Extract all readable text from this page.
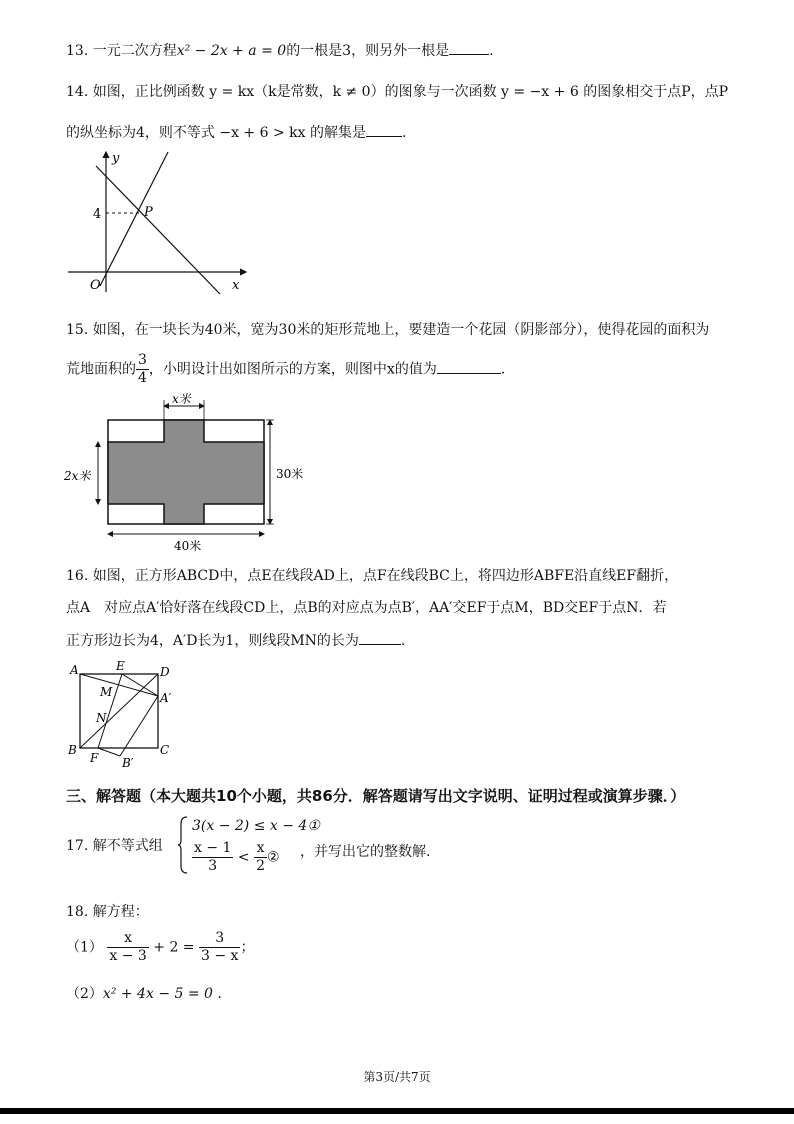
13. 一元二次方程x² − 2x + a = 0的一根是3，则另外一根是	.
14. 如图，正比例函数 y = kx（k是常数，k ≠ 0）的图象与一次函数 y = −x + 6 的图象相交于点P，点P
的纵坐标为4，则不等式 −x + 6 > kx 的解集是	.
y
x
O
4	P
15. 如图，在一块长为40米，宽为30米的矩形荒地上，要建造一个花园（阴影部分），使得花园的面积为
荒地面积的 $\frac{3}{4}$ ，小明设计出如图所示的方案，则图中x的值为	.
x米
2x米	30米
40米
16. 如图，正方形ABCD中，点E在线段AD上，点F在线段BC上，将四边形ABFE沿直线EF翻折，
点A　对应点A′恰好落在线段CD上，点B的对应点为点B′，AA′交EF于点M，BD交EF于点N．若
正方形边长为4，A′D长为1，则线段MN的长为	.
A	E	D
A′
M
N
B	C
F B′
三、解答题（本大题共10个小题，共86分．解答题请写出文字说明、证明过程或演算步骤．）
17. 解不等式组
3(x − 2) ≤ x − 4①
$\frac{x - 1}{3} < \frac{x}{2}$ ② ，并写出它的整数解.
18. 解方程：
$(1) \frac{x}{x - 3} + 2 = \frac{3}{3 - x}$ ；
（2）x² + 4x − 5 = 0 .
第3页/共7页
